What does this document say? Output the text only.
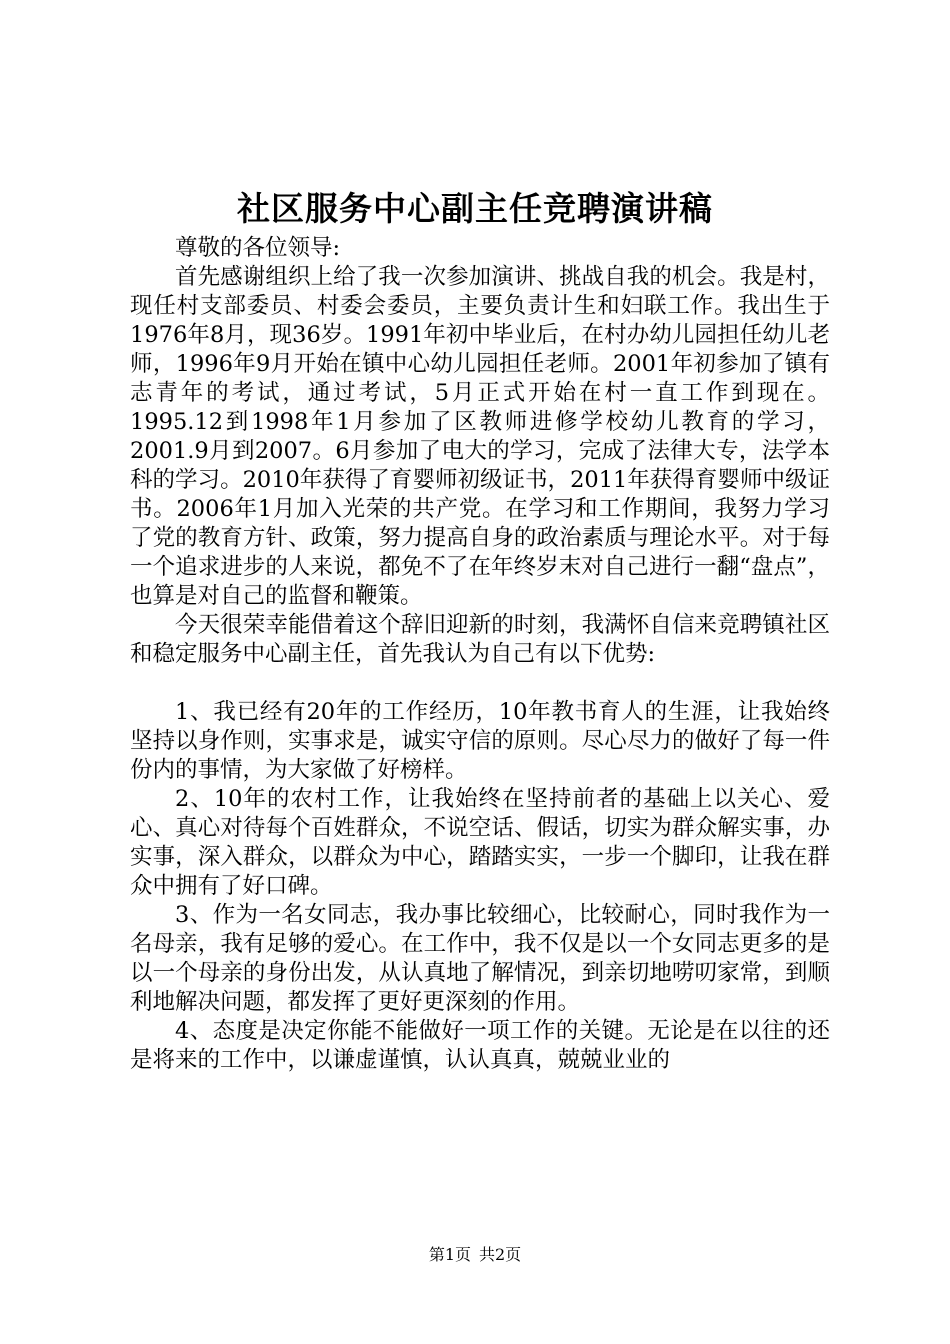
社区服务中心副主任竞聘演讲稿

尊敬的各位领导:

首先感谢组织上给了我一次参加演讲、挑战自我的机会。我是村，现任村支部委员、村委会委员，主要负责计生和妇联工作。我出生于1976年8月，现36岁。1991年初中毕业后，在村办幼儿园担任幼儿老师，1996年9月开始在镇中心幼儿园担任老师。2001年初参加了镇有志青年的考试，通过考试，5月正式开始在村一直工作到现在。1995.12到1998年1月参加了区教师进修学校幼儿教育的学习，2001.9月到2007。6月参加了电大的学习，完成了法律大专，法学本科的学习。2010年获得了育婴师初级证书，2011年获得育婴师中级证书。2006年1月加入光荣的共产党。在学习和工作期间，我努力学习了党的教育方针、政策，努力提高自身的政治素质与理论水平。对于每一个追求进步的人来说，都免不了在年终岁末对自己进行一翻“盘点”，也算是对自己的监督和鞭策。

今天很荣幸能借着这个辞旧迎新的时刻，我满怀自信来竞聘镇社区和稳定服务中心副主任，首先我认为自己有以下优势:

1、我已经有20年的工作经历，10年教书育人的生涯，让我始终坚持以身作则，实事求是，诚实守信的原则。尽心尽力的做好了每一件份内的事情，为大家做了好榜样。

2、10年的农村工作，让我始终在坚持前者的基础上以关心、爱心、真心对待每个百姓群众，不说空话、假话，切实为群众解实事，办实事，深入群众，以群众为中心，踏踏实实，一步一个脚印，让我在群众中拥有了好口碑。

3、作为一名女同志，我办事比较细心，比较耐心，同时我作为一名母亲，我有足够的爱心。在工作中，我不仅是以一个女同志更多的是以一个母亲的身份出发，从认真地了解情况，到亲切地唠叨家常，到顺利地解决问题，都发挥了更好更深刻的作用。

4、态度是决定你能不能做好一项工作的关键。无论是在以往的还是将来的工作中，以谦虚谨慎，认认真真，兢兢业业的

第1页 共2页
